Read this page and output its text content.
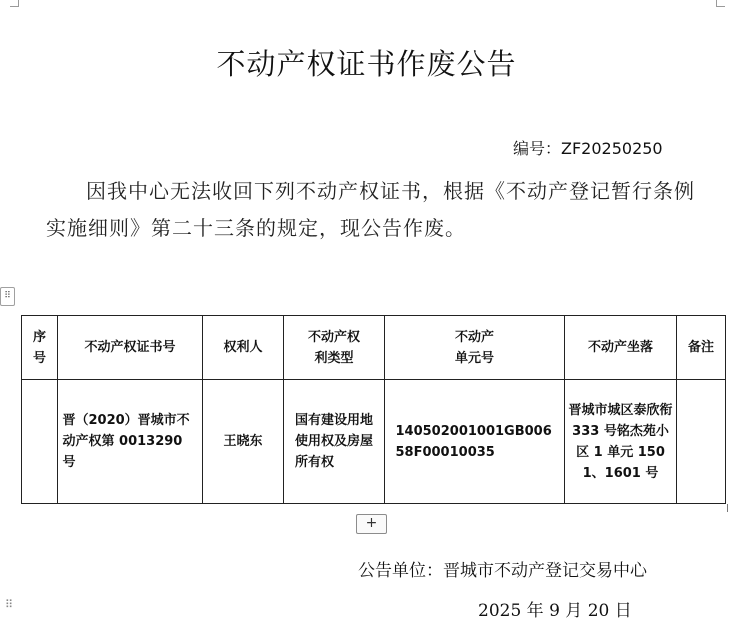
不动产权证书作废公告
编号：ZF20250250
因我中心无法收回下列不动产权证书，根据《不动产登记暂行条例实施细则》第二十三条的规定，现公告作废。
⠿
序号	不动产权证书号	权利人	不动产权利类型	不动产单元号	不动产坐落	备注

	晋（2020）晋城市不动产权第 0013290 号	王晓东	国有建设用地使用权及房屋所有权	140502001001GB00658F00010035	晋城市城区泰欣衔 333 号铭杰苑小区 1 单元 1501、1601 号	

+
公告单位：晋城市不动产登记交易中心
⠿	2025 年 9 月 20 日
